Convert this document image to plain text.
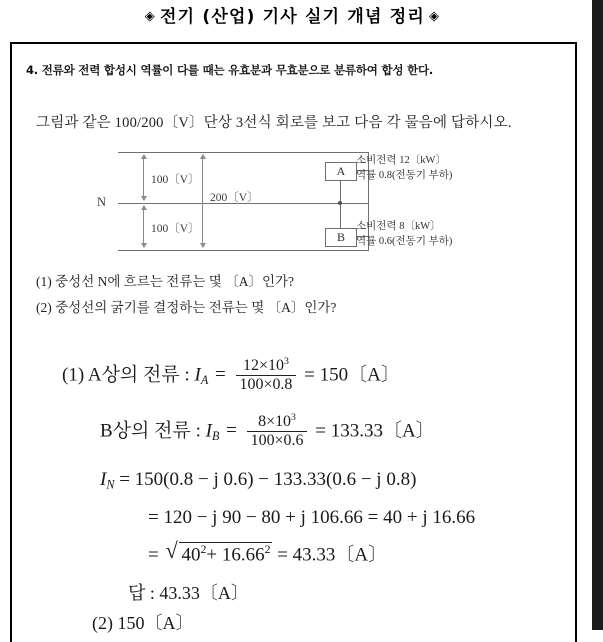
◈ 전기 (산업) 기사 실기 개념 정리 ◈
4. 전류와 전력 합성시 역률이 다를 때는 유효분과 무효분으로 분류하여 합성 한다.
그림과 같은 100/200〔V〕단상 3선식 회로를 보고 다음 각 물음에 답하시오.
100〔V〕
100〔V〕
200〔V〕
N
A
B
소비전력 12〔kW〕
역률 0.8(전동기 부하)
소비전력 8〔kW〕
역률 0.6(전동기 부하)
(1) 중성선 N에 흐르는 전류는 몇 〔A〕인가?
(2) 중성선의 굵기를 결정하는 전류는 몇 〔A〕인가?
(1) A상의 전류 : $I_A = \frac{12\times 10^3}{100\times 0.8} = 150$〔A〕
B상의 전류 : $I_B = \frac{8\times 10^3}{100\times 0.6} = 133.33$〔A〕
$I_N = 150(0.8 - j$ 0.6) − 133.33(0.6 − j 0.8)
= 120 − j 90 − 80 + j 106.66 = 40 + j 16.66
= √ $40^2+ 16.66^2 = 43.33$〔A〕
답 : 43.33〔A〕
(2) 150〔A〕
